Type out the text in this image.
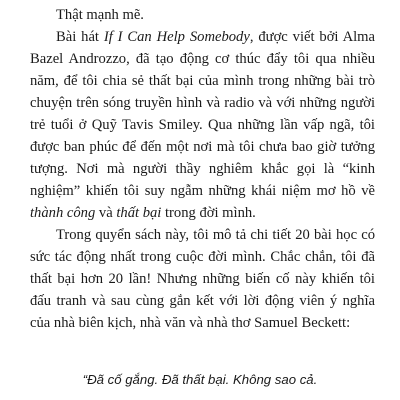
Thật mạnh mẽ.

Bài hát If I Can Help Somebody, được viết bởi Alma Bazel Androzzo, đã tạo động cơ thúc đẩy tôi qua nhiều năm, để tôi chia sẻ thất bại của mình trong những bài trò chuyện trên sóng truyền hình và radio và với những người trẻ tuổi ở Quỹ Tavis Smiley. Qua những lần vấp ngã, tôi được ban phúc để đến một nơi mà tôi chưa bao giờ tưởng tượng. Nơi mà người thầy nghiêm khắc gọi là “kinh nghiệm” khiến tôi suy ngẫm những khái niệm mơ hồ về thành công và thất bại trong đời mình.

Trong quyển sách này, tôi mô tả chi tiết 20 bài học có sức tác động nhất trong cuộc đời mình. Chắc chắn, tôi đã thất bại hơn 20 lần! Nhưng những biến cố này khiến tôi đấu tranh và sau cùng gắn kết với lời động viên ý nghĩa của nhà biên kịch, nhà văn và nhà thơ Samuel Beckett:

“Đã cố gắng. Đã thất bại. Không sao cả.
